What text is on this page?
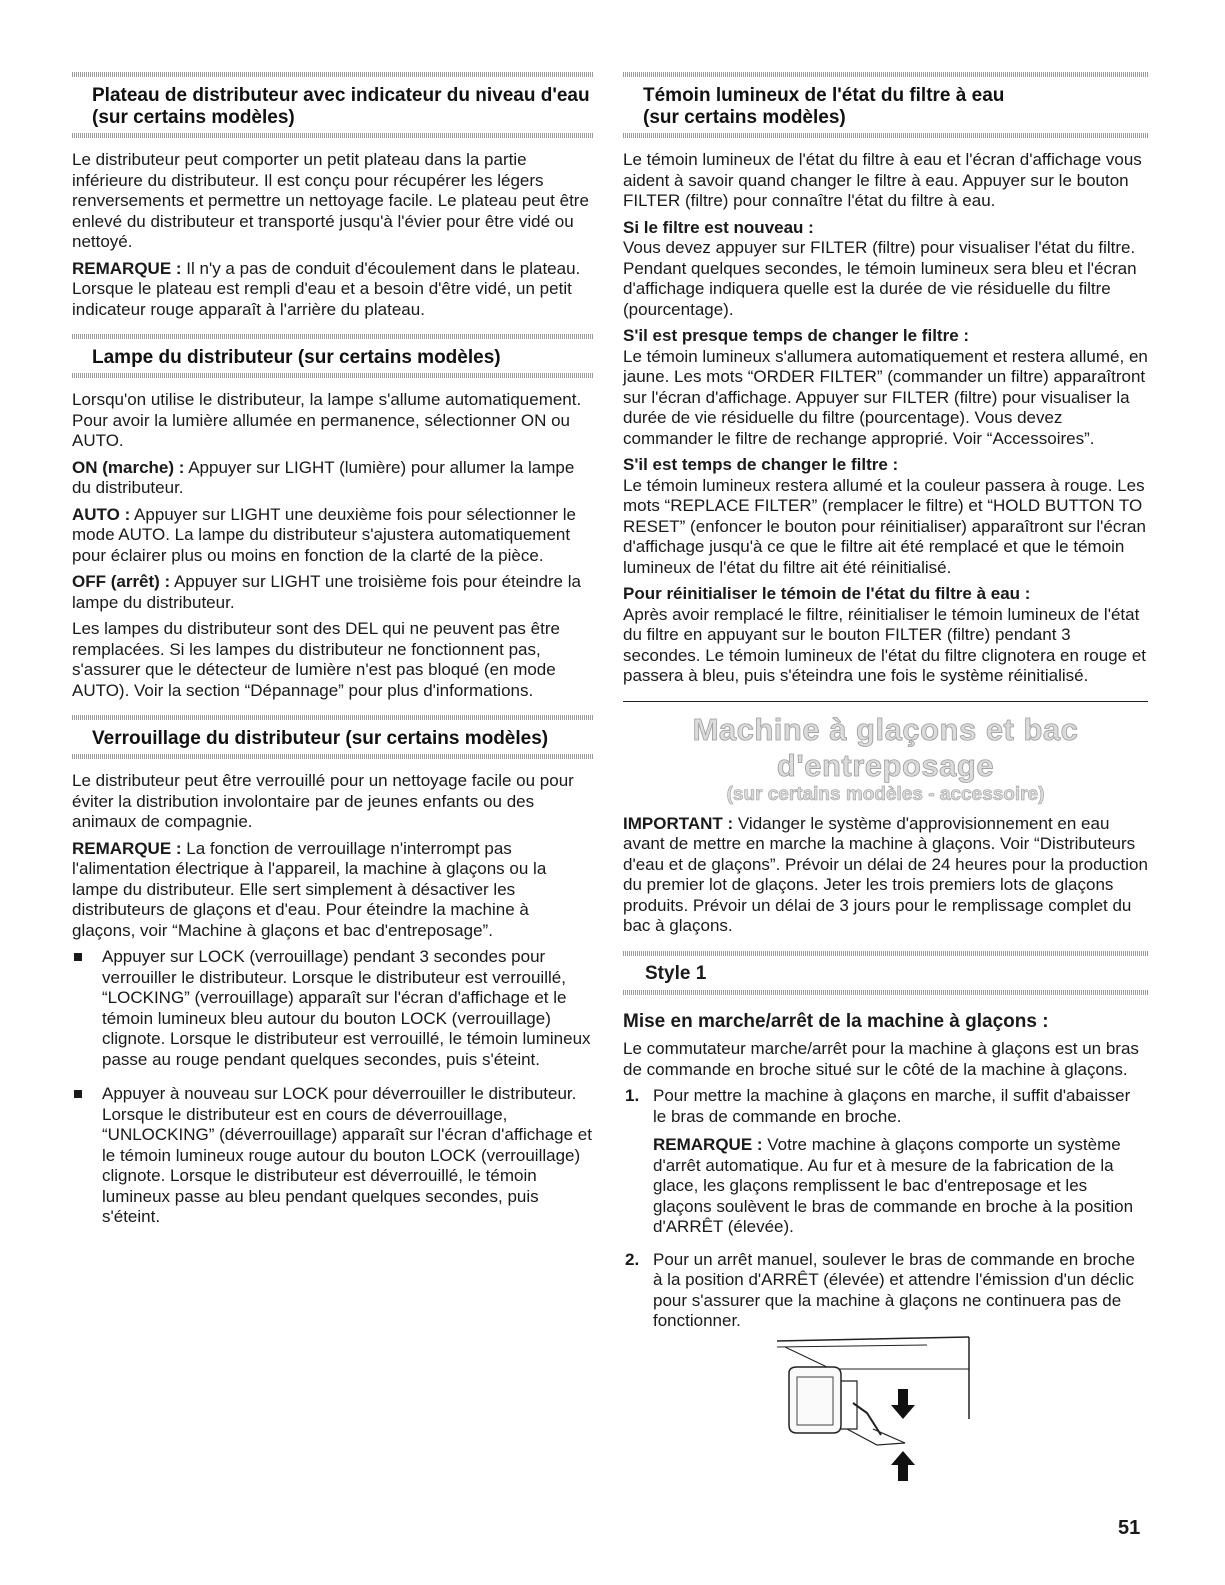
Plateau de distributeur avec indicateur du niveau d'eau
(sur certains modèles)

Le distributeur peut comporter un petit plateau dans la partie inférieure du distributeur. Il est conçu pour récupérer les légers renversements et permettre un nettoyage facile. Le plateau peut être enlevé du distributeur et transporté jusqu'à l'évier pour être vidé ou nettoyé.

REMARQUE : Il n'y a pas de conduit d'écoulement dans le plateau. Lorsque le plateau est rempli d'eau et a besoin d'être vidé, un petit indicateur rouge apparaît à l'arrière du plateau.

Lampe du distributeur (sur certains modèles)

Lorsqu'on utilise le distributeur, la lampe s'allume automatiquement. Pour avoir la lumière allumée en permanence, sélectionner ON ou AUTO.

ON (marche) : Appuyer sur LIGHT (lumière) pour allumer la lampe du distributeur.

AUTO : Appuyer sur LIGHT une deuxième fois pour sélectionner le mode AUTO. La lampe du distributeur s'ajustera automatiquement pour éclairer plus ou moins en fonction de la clarté de la pièce.

OFF (arrêt) : Appuyer sur LIGHT une troisième fois pour éteindre la lampe du distributeur.

Les lampes du distributeur sont des DEL qui ne peuvent pas être remplacées. Si les lampes du distributeur ne fonctionnent pas, s'assurer que le détecteur de lumière n'est pas bloqué (en mode AUTO). Voir la section “Dépannage” pour plus d'informations.

Verrouillage du distributeur (sur certains modèles)

Le distributeur peut être verrouillé pour un nettoyage facile ou pour éviter la distribution involontaire par de jeunes enfants ou des animaux de compagnie.

REMARQUE : La fonction de verrouillage n'interrompt pas l'alimentation électrique à l'appareil, la machine à glaçons ou la lampe du distributeur. Elle sert simplement à désactiver les distributeurs de glaçons et d'eau. Pour éteindre la machine à glaçons, voir “Machine à glaçons et bac d'entreposage”.

Appuyer sur LOCK (verrouillage) pendant 3 secondes pour verrouiller le distributeur. Lorsque le distributeur est verrouillé, “LOCKING” (verrouillage) apparaît sur l'écran d'affichage et le témoin lumineux bleu autour du bouton LOCK (verrouillage) clignote. Lorsque le distributeur est verrouillé, le témoin lumineux passe au rouge pendant quelques secondes, puis s'éteint.
Appuyer à nouveau sur LOCK pour déverrouiller le distributeur. Lorsque le distributeur est en cours de déverrouillage, “UNLOCKING” (déverrouillage) apparaît sur l'écran d'affichage et le témoin lumineux rouge autour du bouton LOCK (verrouillage) clignote. Lorsque le distributeur est déverrouillé, le témoin lumineux passe au bleu pendant quelques secondes, puis s'éteint.
Témoin lumineux de l'état du filtre à eau
(sur certains modèles)

Le témoin lumineux de l'état du filtre à eau et l'écran d'affichage vous aident à savoir quand changer le filtre à eau. Appuyer sur le bouton FILTER (filtre) pour connaître l'état du filtre à eau.

Si le filtre est nouveau :

Vous devez appuyer sur FILTER (filtre) pour visualiser l'état du filtre. Pendant quelques secondes, le témoin lumineux sera bleu et l'écran d'affichage indiquera quelle est la durée de vie résiduelle du filtre (pourcentage).

S'il est presque temps de changer le filtre :

Le témoin lumineux s'allumera automatiquement et restera allumé, en jaune. Les mots “ORDER FILTER” (commander un filtre) apparaîtront sur l'écran d'affichage. Appuyer sur FILTER (filtre) pour visualiser la durée de vie résiduelle du filtre (pourcentage). Vous devez commander le filtre de rechange approprié. Voir “Accessoires”.

S'il est temps de changer le filtre :

Le témoin lumineux restera allumé et la couleur passera à rouge. Les mots “REPLACE FILTER” (remplacer le filtre) et “HOLD BUTTON TO RESET” (enfoncer le bouton pour réinitialiser) apparaîtront sur l'écran d'affichage jusqu'à ce que le filtre ait été remplacé et que le témoin lumineux de l'état du filtre ait été réinitialisé.

Pour réinitialiser le témoin de l'état du filtre à eau :

Après avoir remplacé le filtre, réinitialiser le témoin lumineux de l'état du filtre en appuyant sur le bouton FILTER (filtre) pendant 3 secondes. Le témoin lumineux de l'état du filtre clignotera en rouge et passera à bleu, puis s'éteindra une fois le système réinitialisé.

Machine à glaçons et bac d'entreposage
(sur certains modèles - accessoire)

IMPORTANT : Vidanger le système d'approvisionnement en eau avant de mettre en marche la machine à glaçons. Voir “Distributeurs d'eau et de glaçons”. Prévoir un délai de 24 heures pour la production du premier lot de glaçons. Jeter les trois premiers lots de glaçons produits. Prévoir un délai de 3 jours pour le remplissage complet du bac à glaçons.

Style 1
Mise en marche/arrêt de la machine à glaçons :

Le commutateur marche/arrêt pour la machine à glaçons est un bras de commande en broche situé sur le côté de la machine à glaçons.

1. Pour mettre la machine à glaçons en marche, il suffit d'abaisser le bras de commande en broche.

REMARQUE : Votre machine à glaçons comporte un système d'arrêt automatique. Au fur et à mesure de la fabrication de la glace, les glaçons remplissent le bac d'entreposage et les glaçons soulèvent le bras de commande en broche à la position d'ARRÊT (élevée).

2. Pour un arrêt manuel, soulever le bras de commande en broche à la position d'ARRÊT (élevée) et attendre l'émission d'un déclic pour s'assurer que la machine à glaçons ne continuera pas de fonctionner.

51
